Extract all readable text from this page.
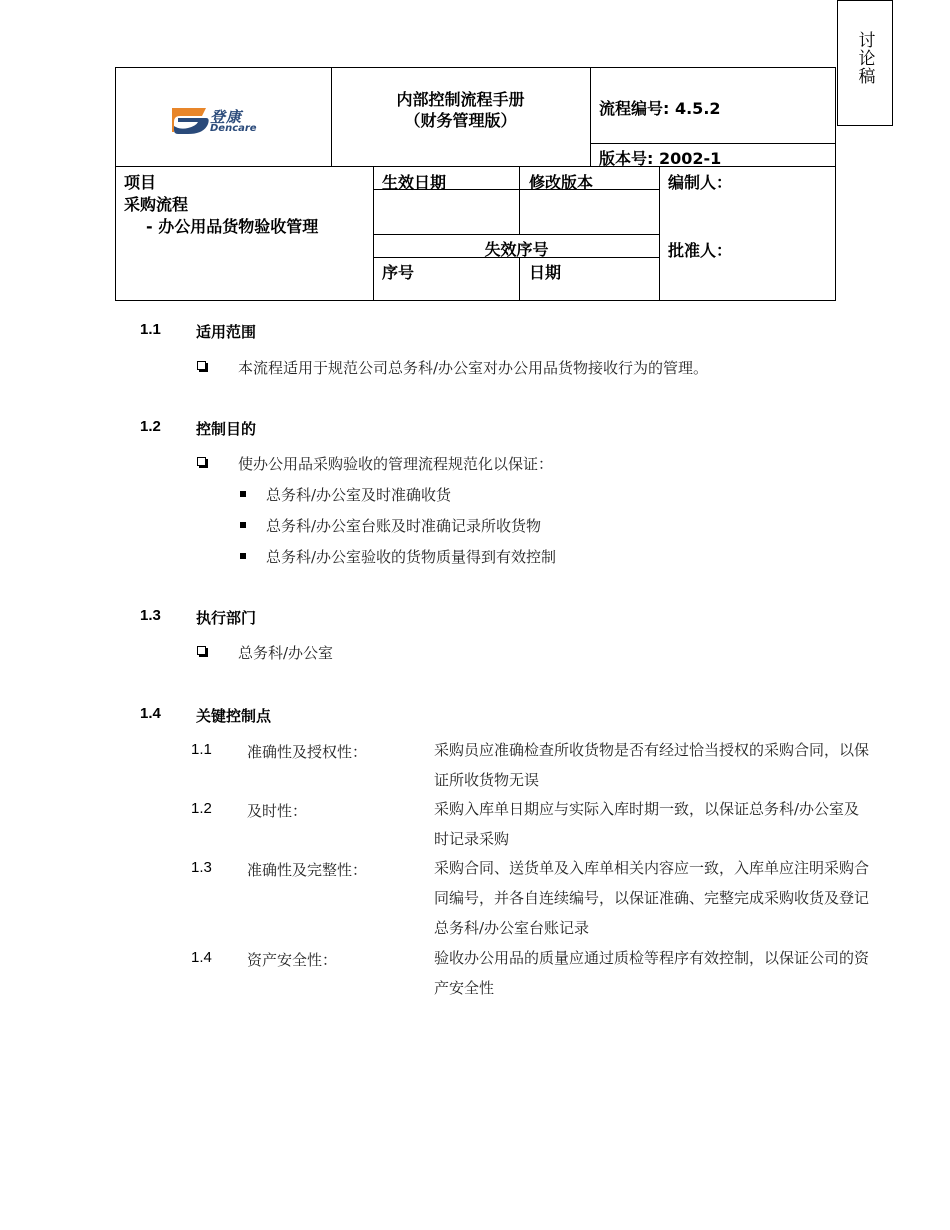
讨论稿
登康
Dencare
内部控制流程手册
（财务管理版）
流程编号: 4.5.2
版本号: 2002-1
项目
采购流程
- 办公用品货物验收管理
生效日期	修改版本
失效序号
序号	日期
编制人：
批准人：
1.1 适用范围
本流程适用于规范公司总务科/办公室对办公用品货物接收行为的管理。
1.2 控制目的
使办公用品采购验收的管理流程规范化以保证：
总务科/办公室及时准确收货
总务科/办公室台账及时准确记录所收货物
总务科/办公室验收的货物质量得到有效控制
1.3 执行部门
总务科/办公室
1.4 关键控制点
1.1 准确性及授权性：	采购员应准确检查所收货物是否有经过恰当授权的采购合同，以保证所收货物无误
1.2 及时性：	采购入库单日期应与实际入库时期一致，以保证总务科/办公室及时记录采购
1.3 准确性及完整性：	采购合同、送货单及入库单相关内容应一致，入库单应注明采购合同编号，并各自连续编号，以保证准确、完整完成采购收货及登记总务科/办公室台账记录
1.4 资产安全性：	验收办公用品的质量应通过质检等程序有效控制，以保证公司的资产安全性
